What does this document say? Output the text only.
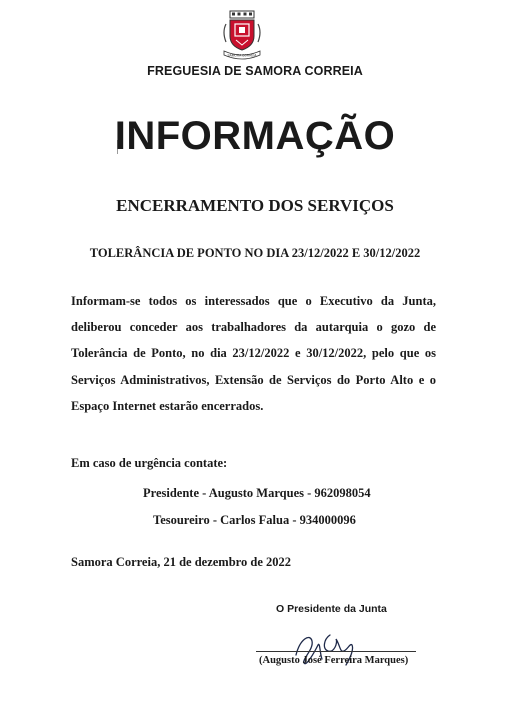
SAMORA CORREIA
FREGUESIA DE SAMORA CORREIA
INFORMAÇÃO
ENCERRAMENTO DOS SERVIÇOS
TOLERÂNCIA DE PONTO NO DIA 23/12/2022 E 30/12/2022

Informam-se todos os interessados que o Executivo da Junta, deliberou conceder aos trabalhadores da autarquia o gozo de Tolerância de Ponto, no dia 23/12/2022 e 30/12/2022, pelo que os Serviços Administrativos, Extensão de Serviços do Porto Alto e o Espaço Internet estarão encerrados.

Em caso de urgência contate:
Presidente - Augusto Marques - 962098054
Tesoureiro - Carlos Falua - 934000096
Samora Correia, 21 de dezembro de 2022
O Presidente da Junta
(Augusto José Ferreira Marques)
